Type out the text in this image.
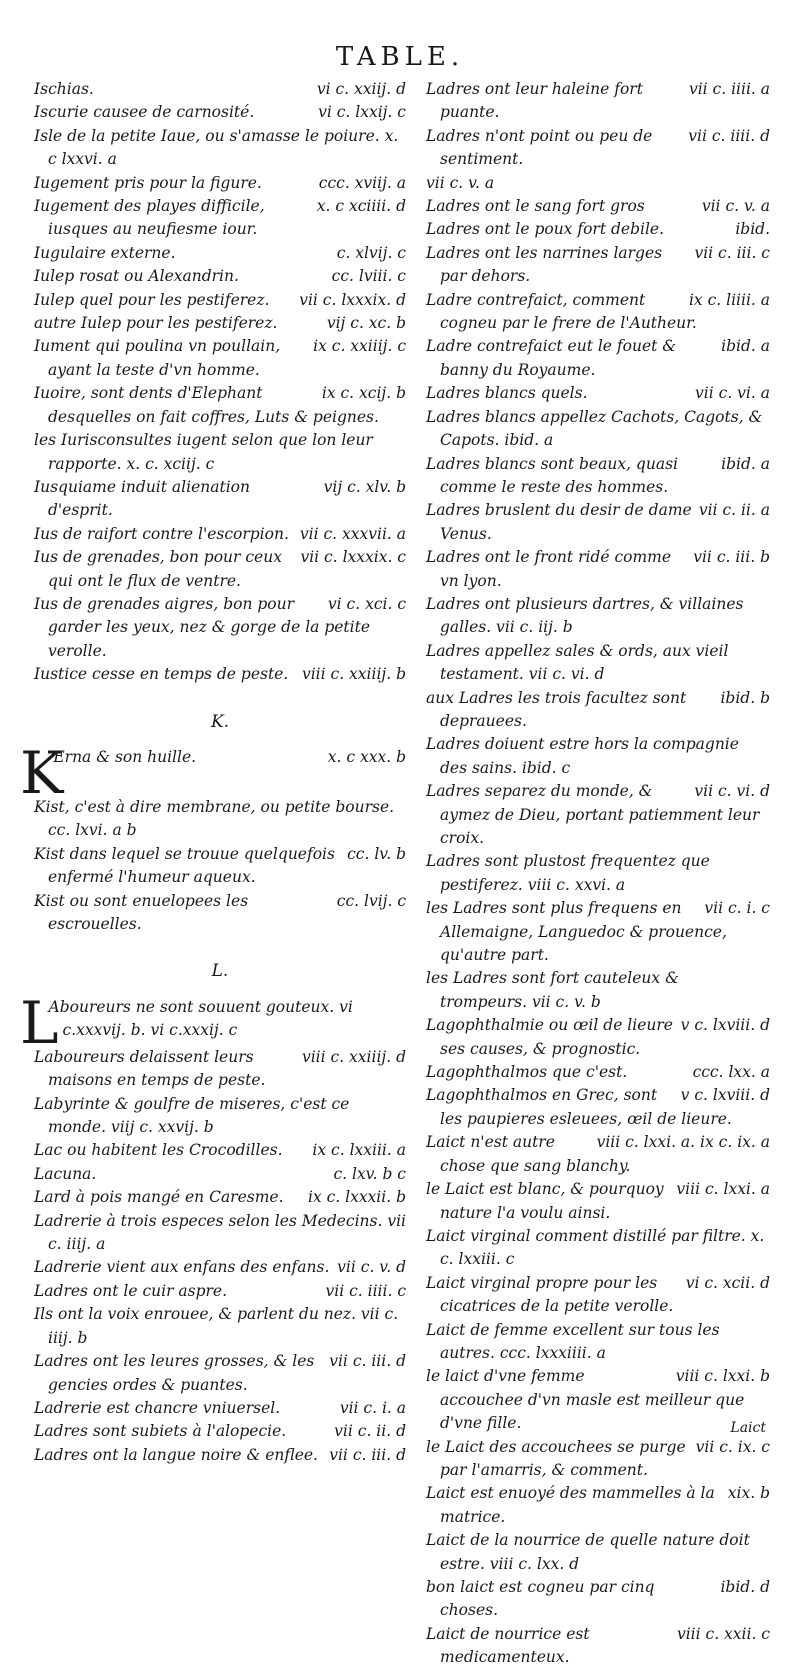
TABLE.

vi c. xxiij. d
Ischias.

vi c. lxxij. c
Iscurie causee de carnosité.

Isle de la petite Iaue, ou s'amasse le poiure. x. c lxxvi. a

ccc. xviij. a
Iugement pris pour la figure.

x. c xciiii. d
Iugement des playes difficile, iusques au neufiesme iour.

c. xlvij. c
Iugulaire externe.

cc. lviii. c
Iulep rosat ou Alexandrin.

vii c. lxxxix. d
Iulep quel pour les pestiferez.

vij c. xc. b
autre Iulep pour les pestiferez.

ix c. xxiiij. c
Iument qui poulina vn poullain, ayant la teste d'vn homme.

ix c. xcij. b
Iuoire, sont dents d'Elephant desquelles on fait coffres, Luts & peignes.

les Iurisconsultes iugent selon que lon leur rapporte. x. c. xciij. c

vij c. xlv. b
Iusquiame induit alienation d'esprit.

vii c. xxxvii. a
Ius de raifort contre l'escorpion.

vii c. lxxxix. c
Ius de grenades, bon pour ceux qui ont le flux de ventre.

vi c. xci. c
Ius de grenades aigres, bon pour garder les yeux, nez & gorge de la petite verolle.

viii c. xxiiij. b
Iustice cesse en temps de peste.

K.
K	x. c xxx. b
Erna & son huille.

Kist, c'est à dire membrane, ou petite bourse. cc. lxvi. a b

cc. lv. b
Kist dans lequel se trouue quelquefois enfermé l'humeur aqueux.

cc. lvij. c
Kist ou sont enuelopees les escrouelles.

L.
L

Aboureurs ne sont souuent gouteux. vi c.xxxvij. b. vi c.xxxij. c

viii c. xxiiij. d
Laboureurs delaissent leurs maisons en temps de peste.

Labyrinte & goulfre de miseres, c'est ce monde. viij c. xxvij. b

ix c. lxxiii. a
Lac ou habitent les Crocodilles.

c. lxv. b c
Lacuna.

ix c. lxxxii. b
Lard à pois mangé en Caresme.

Ladrerie à trois especes selon les Medecins. vii c. iiij. a

vii c. v. d
Ladrerie vient aux enfans des enfans.

vii c. iiii. c
Ladres ont le cuir aspre.

Ils ont la voix enrouee, & parlent du nez. vii c. iiij. b

vii c. iii. d
Ladres ont les leures grosses, & les gencies ordes & puantes.

vii c. i. a
Ladrerie est chancre vniuersel.

vii c. ii. d
Ladres sont subiets à l'alopecie.

vii c. iii. d
Ladres ont la langue noire & enflee.

vii c. iiii. a
Ladres ont leur haleine fort puante.

vii c. iiii. d
Ladres n'ont point ou peu de sentiment.

vii c. v. a

vii c. v. a
Ladres ont le sang fort gros

ibid.
Ladres ont le poux fort debile.

vii c. iii. c
Ladres ont les narrines larges par dehors.

ix c. liiii. a
Ladre contrefaict, comment cogneu par le frere de l'Autheur.

ibid. a
Ladre contrefaict eut le fouet & banny du Royaume.

vii c. vi. a
Ladres blancs quels.

Ladres blancs appellez Cachots, Cagots, & Capots. ibid. a

ibid. a
Ladres blancs sont beaux, quasi comme le reste des hommes.

vii c. ii. a
Ladres bruslent du desir de dame Venus.

vii c. iii. b
Ladres ont le front ridé comme vn lyon.

Ladres ont plusieurs dartres, & villaines galles. vii c. iij. b

Ladres appellez sales & ords, aux vieil testament. vii c. vi. d

ibid. b
aux Ladres les trois facultez sont deprauees.

Ladres doiuent estre hors la compagnie des sains. ibid. c

vii c. vi. d
Ladres separez du monde, & aymez de Dieu, portant patiemment leur croix.

Ladres sont plustost frequentez que pestiferez. viii c. xxvi. a

vii c. i. c
les Ladres sont plus frequens en Allemaigne, Languedoc & prouence, qu'autre part.

les Ladres sont fort cauteleux & trompeurs. vii c. v. b

v c. lxviii. d
Lagophthalmie ou œil de lieure ses causes, & prognostic.

ccc. lxx. a
Lagophthalmos que c'est.

v c. lxviii. d
Lagophthalmos en Grec, sont les paupieres esleuees, œil de lieure.

viii c. lxxi. a. ix c. ix. a
Laict n'est autre chose que sang blanchy.

viii c. lxxi. a
le Laict est blanc, & pourquoy nature l'a voulu ainsi.

Laict virginal comment distillé par filtre. x. c. lxxiii. c

vi c. xcii. d
Laict virginal propre pour les cicatrices de la petite verolle.

Laict de femme excellent sur tous les autres. ccc. lxxxiiii. a

viii c. lxxi. b
le laict d'vne femme accouchee d'vn masle est meilleur que d'vne fille.

vii c. ix. c
le Laict des accouchees se purge par l'amarris, & comment.

xix. b
Laict est enuoyé des mammelles à la matrice.

Laict de la nourrice de quelle nature doit estre. viii c. lxx. d

ibid. d
bon laict est cogneu par cinq choses.

viii c. xxii. c
Laict de nourrice est medicamenteux.

Laict
